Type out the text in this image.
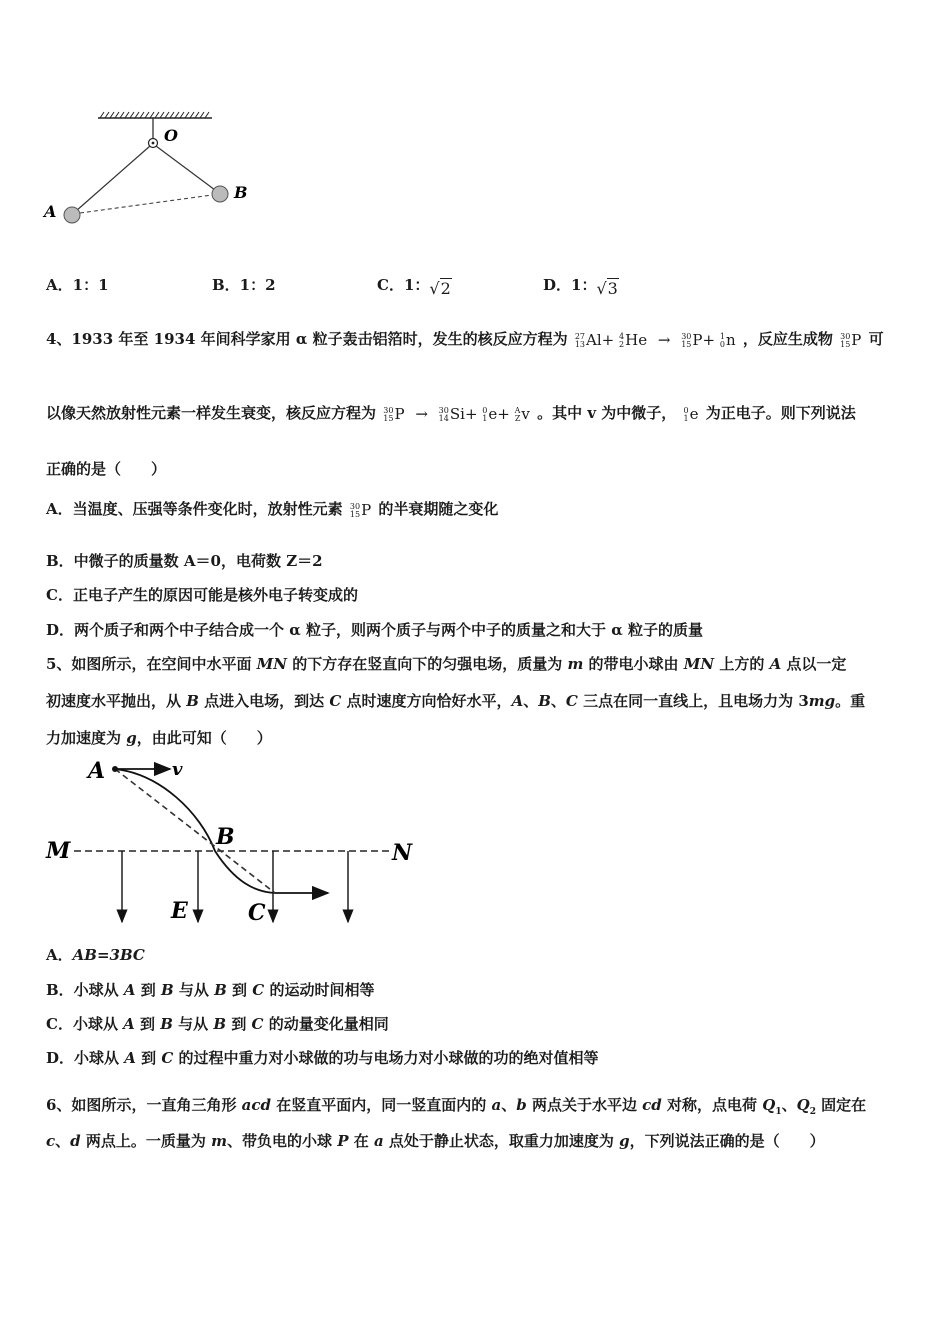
O
A
B
A．1：1	B．1：2	C．1：√2	D．1：√3
4、1933 年至 1934 年间科学家用 α 粒子轰击铝箔时，发生的核反应方程为 27
13 Al+ 4
2 He → 30
15 P+ 1
0 n ，反应生成物 30
15 P 可
以像天然放射性元素一样发生衰变，核反应方程为 30
15 P → 30
14 Si+ 0
1 e+ A
Z v 。其中 v 为中微子， 0
1 e 为正电子。则下列说法
正确的是（　　）
A．当温度、压强等条件变化时，放射性元素 30
15 P 的半衰期随之变化
B．中微子的质量数 A＝0，电荷数 Z＝2
C．正电子产生的原因可能是核外电子转变成的
D．两个质子和两个中子结合成一个 α 粒子，则两个质子与两个中子的质量之和大于 α 粒子的质量
5、如图所示，在空间中水平面 MN 的下方存在竖直向下的匀强电场，质量为 m 的带电小球由 MN 上方的 A 点以一定
初速度水平抛出，从 B 点进入电场，到达 C 点时速度方向恰好水平，A、B、C 三点在同一直线上，且电场力为 3mg。重
力加速度为 g，由此可知（　　）
A	v
M	N
B
E	C
A．AB=3BC
B．小球从 A 到 B 与从 B 到 C 的运动时间相等
C．小球从 A 到 B 与从 B 到 C 的动量变化量相同
D．小球从 A 到 C 的过程中重力对小球做的功与电场力对小球做的功的绝对值相等
6、如图所示，一直角三角形 acd 在竖直平面内，同一竖直面内的 a、b 两点关于水平边 cd 对称，点电荷 $Q_1$、$Q_2$ 固定在
c、d 两点上。一质量为 m、带负电的小球 P 在 a 点处于静止状态，取重力加速度为 g，下列说法正确的是（　　）
